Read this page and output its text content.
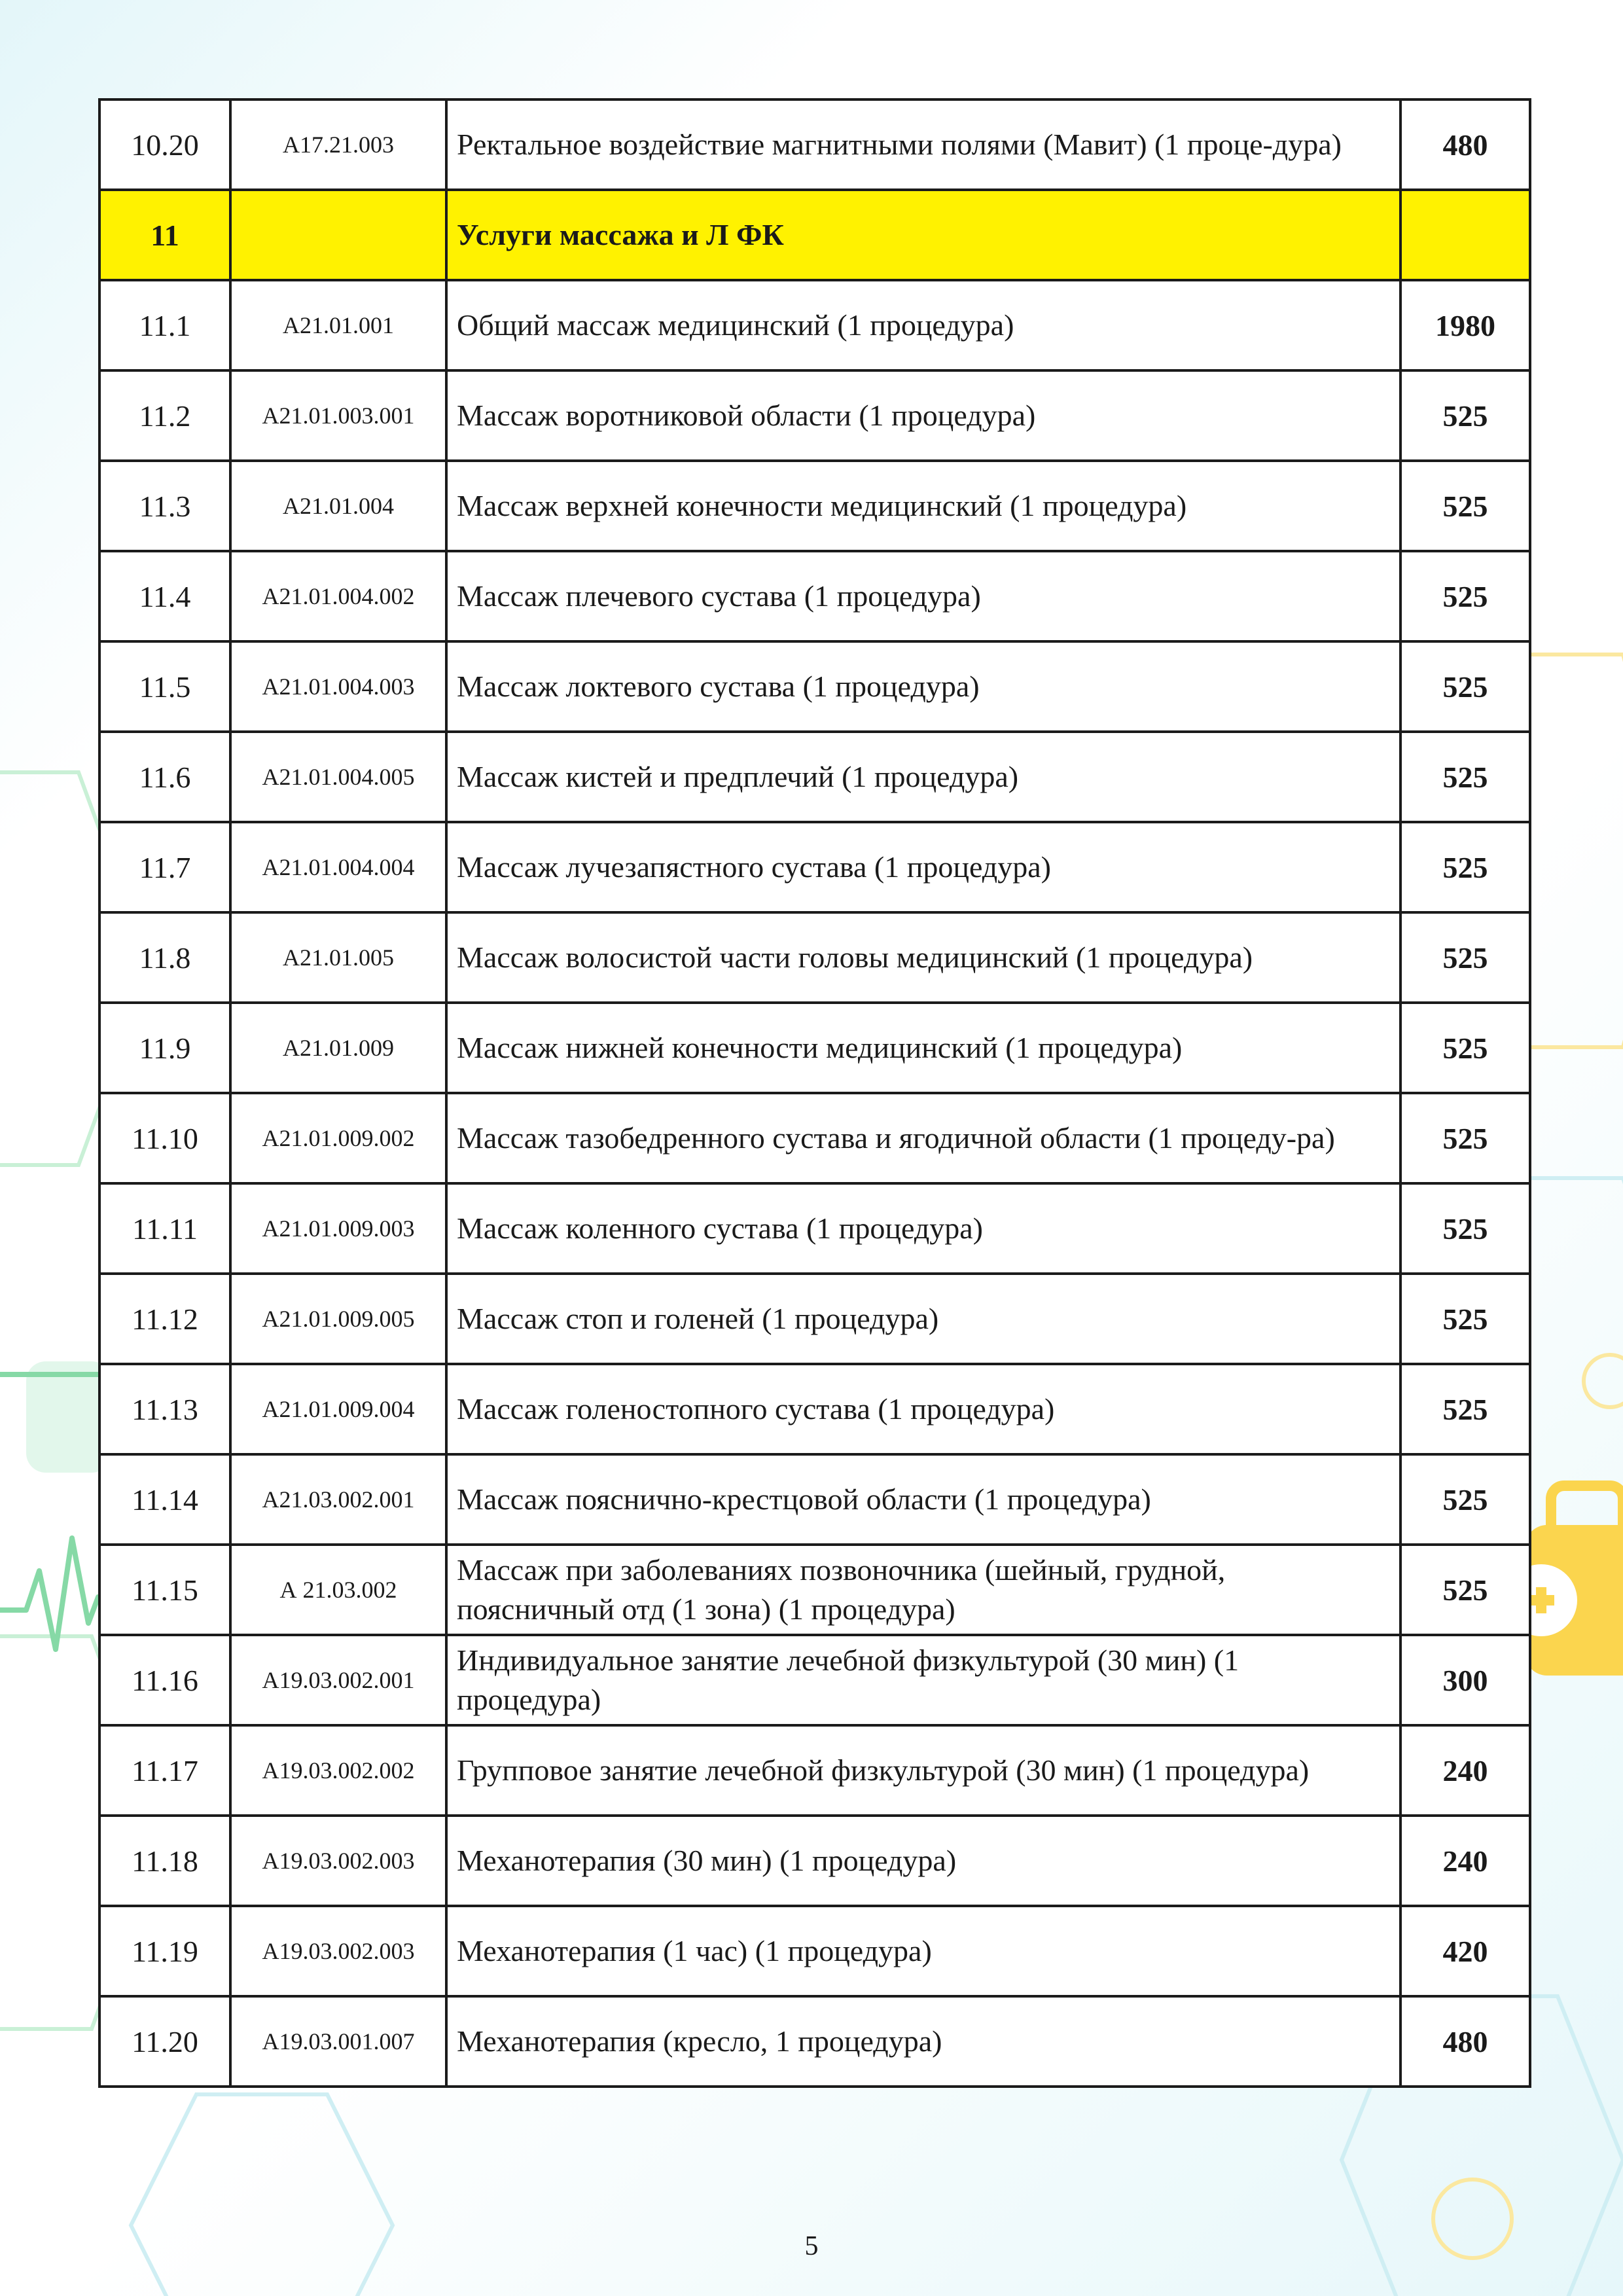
10.20	A17.21.003	Ректальное воздействие магнитными полями (Мавит) (1 проце-дура)	480
11		Услуги массажа и Л ФК	
11.1	A21.01.001	Общий массаж медицинский (1 процедура)	1980
11.2	A21.01.003.001	Массаж воротниковой области (1 процедура)	525
11.3	A21.01.004	Массаж верхней конечности медицинский (1 процедура)	525
11.4	A21.01.004.002	Массаж плечевого сустава (1 процедура)	525
11.5	A21.01.004.003	Массаж локтевого сустава (1 процедура)	525
11.6	A21.01.004.005	Массаж кистей и предплечий (1 процедура)	525
11.7	A21.01.004.004	Массаж лучезапястного сустава (1 процедура)	525
11.8	A21.01.005	Массаж волосистой части головы медицинский (1 процедура)	525
11.9	A21.01.009	Массаж нижней конечности медицинский (1 процедура)	525
11.10	A21.01.009.002	Массаж тазобедренного сустава и ягодичной области (1 процеду-ра)	525
11.11	A21.01.009.003	Массаж коленного сустава (1 процедура)	525
11.12	A21.01.009.005	Массаж стоп и голеней (1 процедура)	525
11.13	A21.01.009.004	Массаж голеностопного сустава (1 процедура)	525
11.14	A21.03.002.001	Массаж пояснично-крестцовой области (1 процедура)	525
11.15	А 21.03.002	Массаж при заболеваниях позвоночника (шейный, грудной, поясничный отд (1 зона) (1 процедура)	525
11.16	A19.03.002.001	Индивидуальное занятие лечебной физкультурой (30 мин) (1 процедура)	300
11.17	A19.03.002.002	Групповое занятие лечебной физкультурой (30 мин) (1 процедура)	240
11.18	A19.03.002.003	Механотерапия (30 мин) (1 процедура)	240
11.19	A19.03.002.003	Механотерапия (1 час) (1 процедура)	420
11.20	A19.03.001.007	Механотерапия (кресло, 1 процедура)	480
5
